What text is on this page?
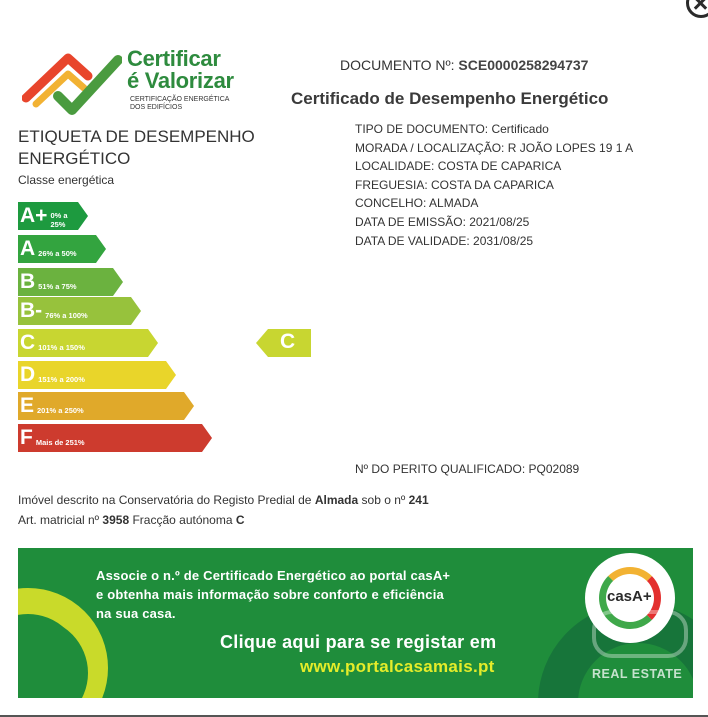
Certificar
é Valorizar
CERTIFICAÇÃO ENERGÉTICA
DOS EDIFÍCIOS
DOCUMENTO Nº: SCE0000258294737
Certificado de Desempenho Energético
ETIQUETA DE DESEMPENHO ENERGÉTICO
Classe energética
TIPO DE DOCUMENTO: Certificado
MORADA / LOCALIZAÇÃO: R JOÃO LOPES 19 1 A
LOCALIDADE: COSTA DE CAPARICA
FREGUESIA: COSTA DA CAPARICA
CONCELHO: ALMADA
DATA DE EMISSÃO: 2021/08/25
DATA DE VALIDADE: 2031/08/25
A+ 0% a 25%
A 26% a 50%
B 51% a 75%
B- 76% a 100%
C 101% a 150%
D 151% a 200%
E 201% a 250%
F Mais de 251%
C
Nº DO PERITO QUALIFICADO: PQ02089
Imóvel descrito na Conservatória do Registo Predial de Almada sob o nº 241
Art. matricial nº 3958 Fracção autónoma C
Associe o n.º de Certificado Energético ao portal casA+
e obtenha mais informação sobre conforto e eficiência
na sua casa.
Clique aqui para se registar em
www.portalcasamais.pt
casA+
REAL ESTATE
